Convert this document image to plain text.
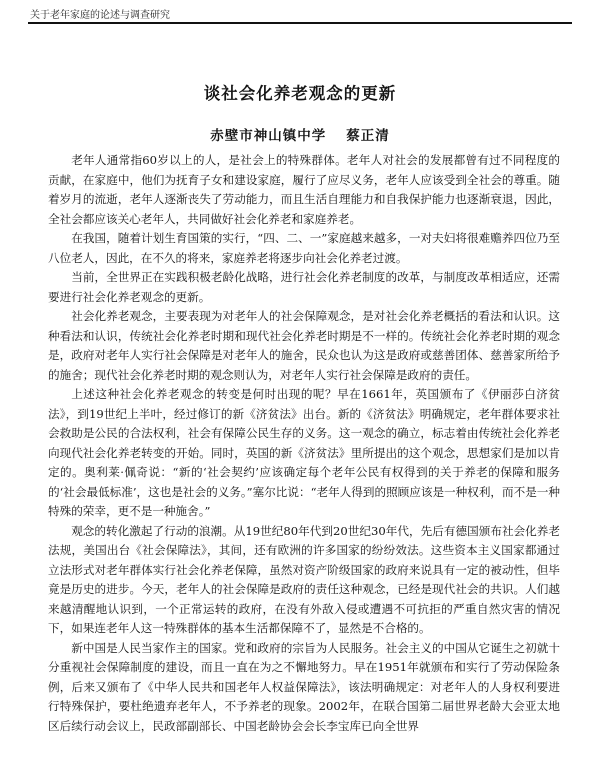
关于老年家庭的论述与调查研究
谈社会化养老观念的更新
赤壁市神山镇中学 蔡正清

老年人通常指60岁以上的人，是社会上的特殊群体。老年人对社会的发展都曾有过不同程度的贡献，在家庭中，他们为抚育子女和建设家庭，履行了应尽义务，老年人应该受到全社会的尊重。随着岁月的流逝，老年人逐渐丧失了劳动能力，而且生活自理能力和自我保护能力也逐渐衰退，因此，全社会都应该关心老年人，共同做好社会化养老和家庭养老。

在我国，随着计划生育国策的实行，“四、二、一”家庭越来越多，一对夫妇将很难赡养四位乃至八位老人，因此，在不久的将来，家庭养老将逐步向社会化养老过渡。

当前，全世界正在实践积极老龄化战略，进行社会化养老制度的改革，与制度改革相适应，还需要进行社会化养老观念的更新。

社会化养老观念，主要表现为对老年人的社会保障观念，是对社会化养老概括的看法和认识。这种看法和认识，传统社会化养老时期和现代社会化养老时期是不一样的。传统社会化养老时期的观念是，政府对老年人实行社会保障是对老年人的施舍，民众也认为这是政府或慈善团体、慈善家所给予的施舍；现代社会化养老时期的观念则认为，对老年人实行社会保障是政府的责任。

上述这种社会化养老观念的转变是何时出现的呢？早在1661年，英国颁布了《伊丽莎白济贫法》，到19世纪上半叶，经过修订的新《济贫法》出台。新的《济贫法》明确规定，老年群体要求社会救助是公民的合法权利，社会有保障公民生存的义务。这一观念的确立，标志着由传统社会化养老向现代社会化养老转变的开始。同时，英国的新《济贫法》里所提出的这个观念，思想家们是加以肯定的。奥利莱·佩奇说：“新的‘社会契约’应该确定每个老年公民有权得到的关于养老的保障和服务的‘社会最低标准’，这也是社会的义务。”塞尔比说：“老年人得到的照顾应该是一种权利，而不是一种特殊的荣幸，更不是一种施舍。”

观念的转化激起了行动的浪潮。从19世纪80年代到20世纪30年代，先后有德国颁布社会化养老法规，美国出台《社会保障法》，其间，还有欧洲的许多国家的纷纷效法。这些资本主义国家都通过立法形式对老年群体实行社会化养老保障，虽然对资产阶级国家的政府来说具有一定的被动性，但毕竟是历史的进步。今天，老年人的社会保障是政府的责任这种观念，已经是现代社会的共识。人们越来越清醒地认识到，一个正常运转的政府，在没有外敌入侵或遭遇不可抗拒的严重自然灾害的情况下，如果连老年人这一特殊群体的基本生活都保障不了，显然是不合格的。

新中国是人民当家作主的国家。党和政府的宗旨为人民服务。社会主义的中国从它诞生之初就十分重视社会保障制度的建设，而且一直在为之不懈地努力。早在1951年就颁布和实行了劳动保险条例，后来又颁布了《中华人民共和国老年人权益保障法》，该法明确规定：对老年人的人身权利要进行特殊保护，要杜绝遗弃老年人，不予养老的现象。2002年，在联合国第二届世界老龄大会亚太地区后续行动会议上，民政部副部长、中国老龄协会会长李宝库已向全世界
